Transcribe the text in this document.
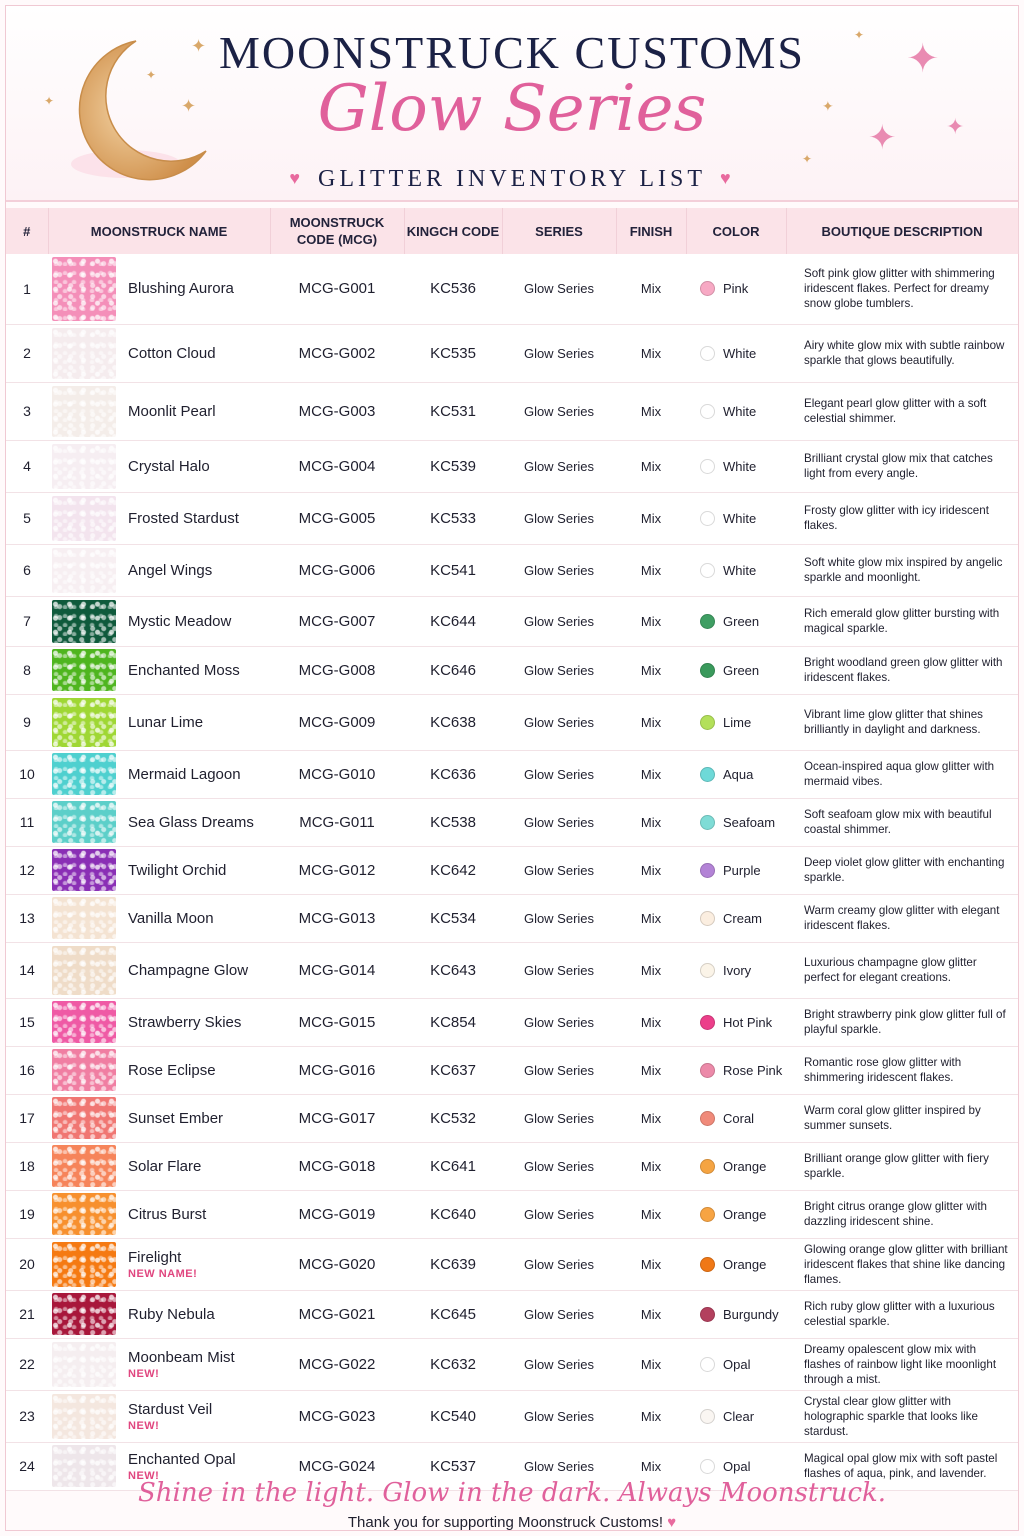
✦
✦
✦
✦
✦
✦ ✦
✦
✦
✦
MOONSTRUCK CUSTOMS
Glow Series
♥ GLITTER INVENTORY LIST ♥
#	MOONSTRUCK NAME		MOONSTRUCK CODE (MCG)	KINGCH CODE	SERIES	FINISH	COLOR	BOUTIQUE DESCRIPTION
1		Blushing Aurora	MCG-G001	KC536	Glow Series	Mix	Pink	Soft pink glow glitter with shimmering iridescent flakes. Perfect for dreamy snow globe tumblers.
2		Cotton Cloud	MCG-G002	KC535	Glow Series	Mix	White	Airy white glow mix with subtle rainbow sparkle that glows beautifully.
3		Moonlit Pearl	MCG-G003	KC531	Glow Series	Mix	White	Elegant pearl glow glitter with a soft celestial shimmer.
4		Crystal Halo	MCG-G004	KC539	Glow Series	Mix	White	Brilliant crystal glow mix that catches light from every angle.
5		Frosted Stardust	MCG-G005	KC533	Glow Series	Mix	White	Frosty glow glitter with icy iridescent flakes.
6		Angel Wings	MCG-G006	KC541	Glow Series	Mix	White	Soft white glow mix inspired by angelic sparkle and moonlight.
7		Mystic Meadow	MCG-G007	KC644	Glow Series	Mix	Green	Rich emerald glow glitter bursting with magical sparkle.
8		Enchanted Moss	MCG-G008	KC646	Glow Series	Mix	Green	Bright woodland green glow glitter with iridescent flakes.
9		Lunar Lime	MCG-G009	KC638	Glow Series	Mix	Lime	Vibrant lime glow glitter that shines brilliantly in daylight and darkness.
10		Mermaid Lagoon	MCG-G010	KC636	Glow Series	Mix	Aqua	Ocean-inspired aqua glow glitter with mermaid vibes.
11		Sea Glass Dreams	MCG-G011	KC538	Glow Series	Mix	Seafoam	Soft seafoam glow mix with beautiful coastal shimmer.
12		Twilight Orchid	MCG-G012	KC642	Glow Series	Mix	Purple	Deep violet glow glitter with enchanting sparkle.
13		Vanilla Moon	MCG-G013	KC534	Glow Series	Mix	Cream	Warm creamy glow glitter with elegant iridescent flakes.
14		Champagne Glow	MCG-G014	KC643	Glow Series	Mix	Ivory	Luxurious champagne glow glitter perfect for elegant creations.
15		Strawberry Skies	MCG-G015	KC854	Glow Series	Mix	Hot Pink	Bright strawberry pink glow glitter full of playful sparkle.
16		Rose Eclipse	MCG-G016	KC637	Glow Series	Mix	Rose Pink	Romantic rose glow glitter with shimmering iridescent flakes.
17		Sunset Ember	MCG-G017	KC532	Glow Series	Mix	Coral	Warm coral glow glitter inspired by summer sunsets.
18		Solar Flare	MCG-G018	KC641	Glow Series	Mix	Orange	Brilliant orange glow glitter with fiery sparkle.
19		Citrus Burst	MCG-G019	KC640	Glow Series	Mix	Orange	Bright citrus orange glow glitter with dazzling iridescent shine.
20		Firelight
NEW NAME!	MCG-G020	KC639	Glow Series	Mix	Orange	Glowing orange glow glitter with brilliant iridescent flakes that shine like dancing flames.
21		Ruby Nebula	MCG-G021	KC645	Glow Series	Mix	Burgundy	Rich ruby glow glitter with a luxurious celestial sparkle.
22		Moonbeam Mist
NEW!	MCG-G022	KC632	Glow Series	Mix	Opal	Dreamy opalescent glow mix with flashes of rainbow light like moonlight through a mist.
23		Stardust Veil
NEW!	MCG-G023	KC540	Glow Series	Mix	Clear	Crystal clear glow glitter with holographic sparkle that looks like stardust.
24		Enchanted Opal
NEW!	MCG-G024	KC537	Glow Series	Mix	Opal	Magical opal glow mix with soft pastel flashes of aqua, pink, and lavender.
Shine in the light. Glow in the dark. Always Moonstruck.
Thank you for supporting Moonstruck Customs! ♥
